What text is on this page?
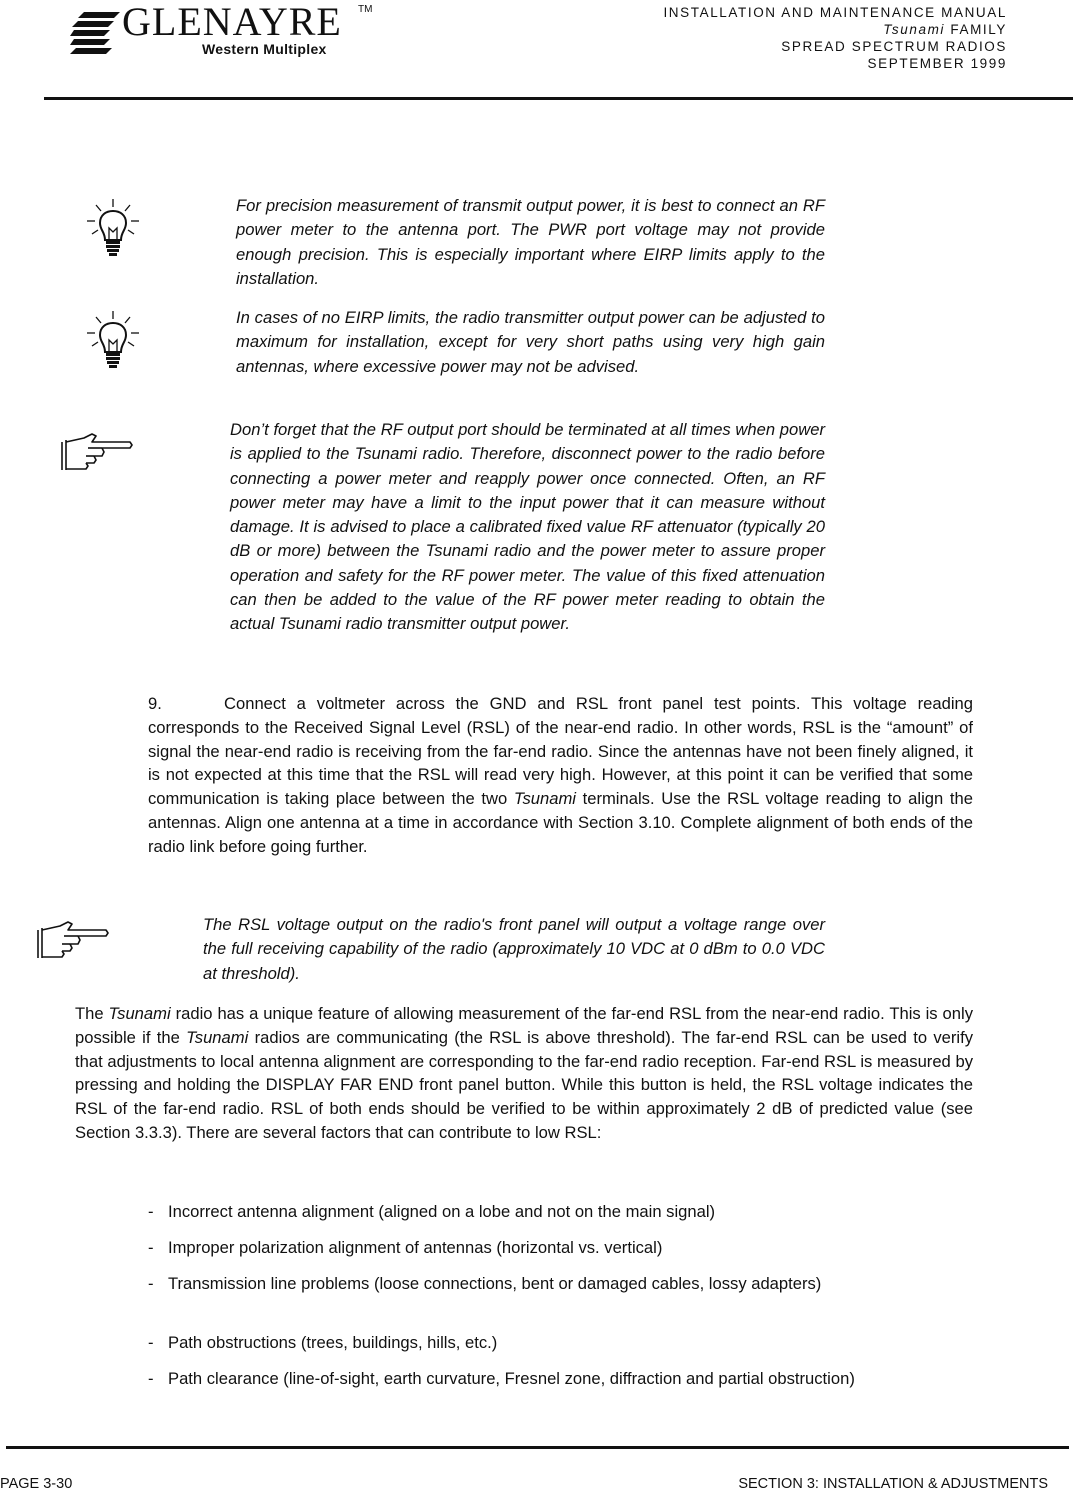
GLENAYRE TM
Western Multiplex
INSTALLATION AND MAINTENANCE MANUAL
Tsunami FAMILY
SPREAD SPECTRUM RADIOS
SEPTEMBER 1999
For precision measurement of transmit output power, it is best to connect an RF power meter to the antenna port. The PWR port voltage may not provide enough precision. This is especially important where EIRP limits apply to the installation.
In cases of no EIRP limits, the radio transmitter output power can be adjusted to maximum for installation, except for very short paths using very high gain antennas, where excessive power may not be advised.
Don’t forget that the RF output port should be terminated at all times when power is applied to the Tsunami radio. Therefore, disconnect power to the radio before connecting a power meter and reapply power once connected. Often, an RF power meter may have a limit to the input power that it can measure without damage. It is advised to place a calibrated fixed value RF attenuator (typically 20 dB or more) between the Tsunami radio and the power meter to assure proper operation and safety for the RF power meter. The value of this fixed attenuation can then be added to the value of the RF power meter reading to obtain the actual Tsunami radio transmitter output power.
9.	Connect a voltmeter across the GND and RSL front panel test points. This voltage reading corresponds to the Received Signal Level (RSL) of the near-end radio. In other words, RSL is the “amount” of signal the near-end radio is receiving from the far-end radio. Since the antennas have not been finely aligned, it is not expected at this time that the RSL will read very high. However, at this point it can be verified that some communication is taking place between the two Tsunami terminals. Use the RSL voltage reading to align the antennas. Align one antenna at a time in accordance with Section 3.10. Complete alignment of both ends of the radio link before going further.
The RSL voltage output on the radio's front panel will output a voltage range over the full receiving capability of the radio (approximately 10 VDC at 0 dBm to 0.0 VDC at threshold).
The Tsunami radio has a unique feature of allowing measurement of the far-end RSL from the near-end radio. This is only possible if the Tsunami radios are communicating (the RSL is above threshold). The far-end RSL can be used to verify that adjustments to local antenna alignment are corresponding to the far-end radio reception. Far-end RSL is measured by pressing and holding the DISPLAY FAR END front panel button. While this button is held, the RSL voltage indicates the RSL of the far-end radio. RSL of both ends should be verified to be within approximately 2 dB of predicted value (see Section 3.3.3). There are several factors that can contribute to low RSL:
- Incorrect antenna alignment (aligned on a lobe and not on the main signal)
- Improper polarization alignment of antennas (horizontal vs. vertical)
- Transmission line problems (loose connections, bent or damaged cables, lossy adapters)
- Path obstructions (trees, buildings, hills, etc.)
- Path clearance (line-of-sight, earth curvature, Fresnel zone, diffraction and partial obstruction)
PAGE 3-30	SECTION 3: INSTALLATION & ADJUSTMENTS
